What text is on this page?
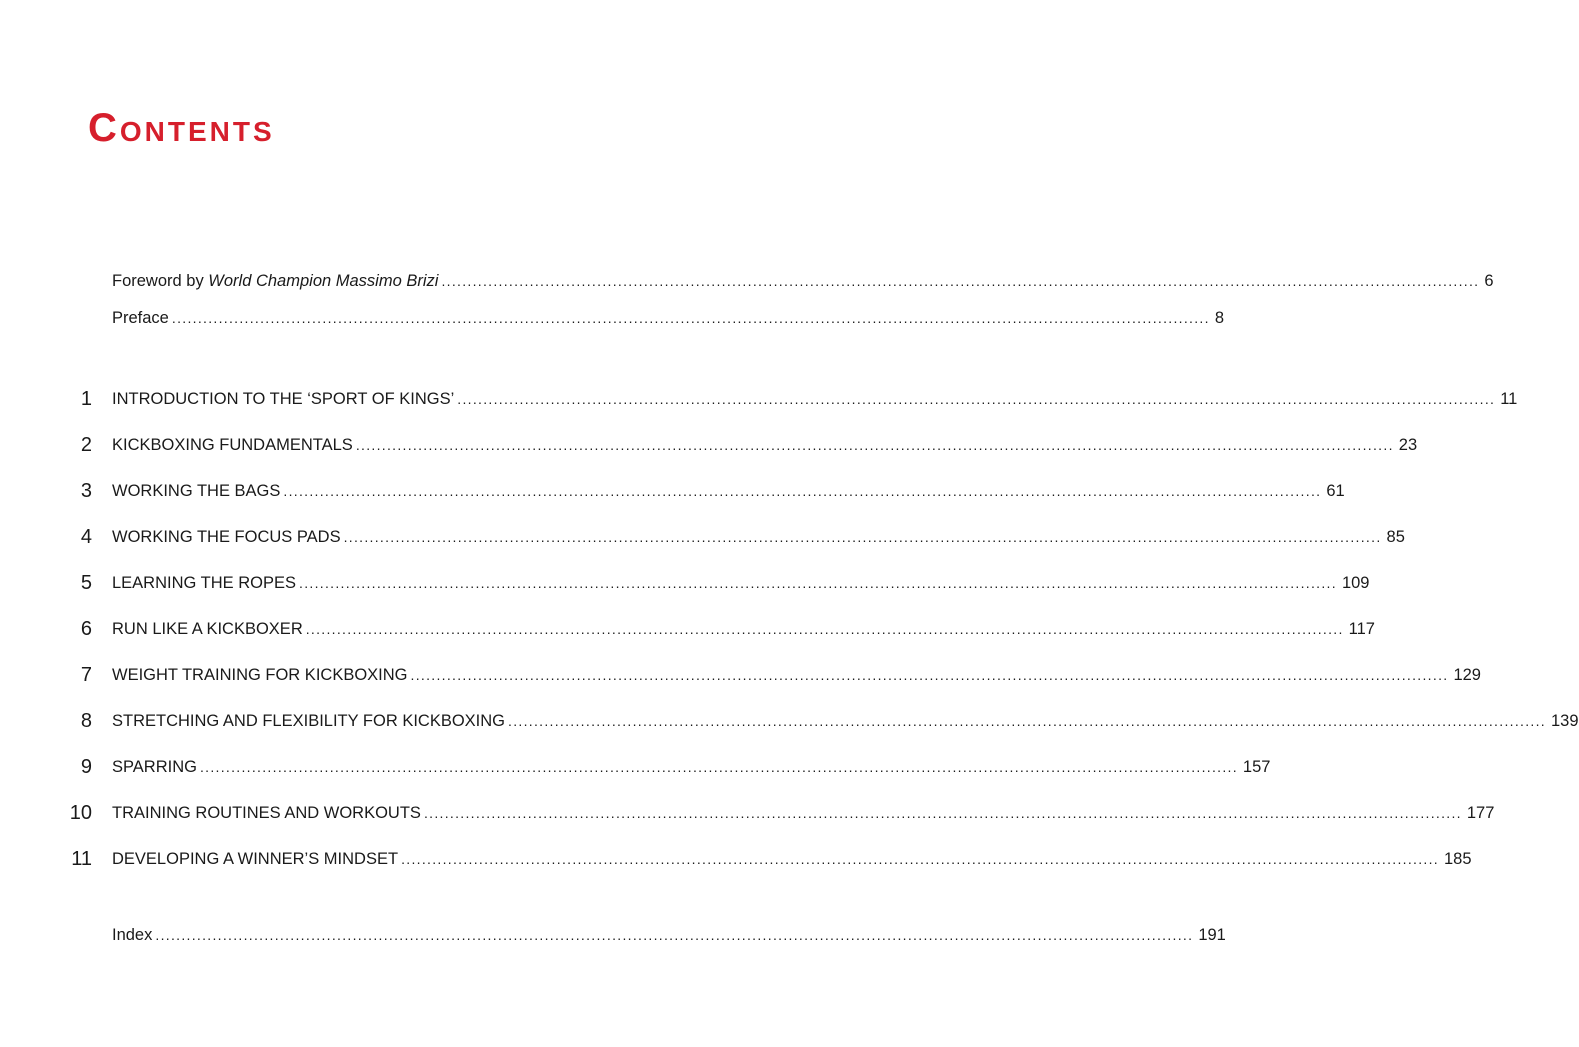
Contents
Foreword by World Champion Massimo Brizi ........................................................................................................................................................................................................ 6
Preface ........................................................................................................................................................................................................ 8
1 INTRODUCTION TO THE ‘SPORT OF KINGS’ ........................................................................................................................................................................................................ 11
2 KICKBOXING FUNDAMENTALS ........................................................................................................................................................................................................ 23
3 WORKING THE BAGS ........................................................................................................................................................................................................ 61
4 WORKING THE FOCUS PADS ........................................................................................................................................................................................................ 85
5 LEARNING THE ROPES ........................................................................................................................................................................................................ 109
6 RUN LIKE A KICKBOXER ........................................................................................................................................................................................................ 117
7 WEIGHT TRAINING FOR KICKBOXING ........................................................................................................................................................................................................ 129
8 STRETCHING AND FLEXIBILITY FOR KICKBOXING ........................................................................................................................................................................................................ 139
9 SPARRING ........................................................................................................................................................................................................ 157
10 TRAINING ROUTINES AND WORKOUTS ........................................................................................................................................................................................................ 177
11 DEVELOPING A WINNER’S MINDSET ........................................................................................................................................................................................................ 185
Index ........................................................................................................................................................................................................ 191
